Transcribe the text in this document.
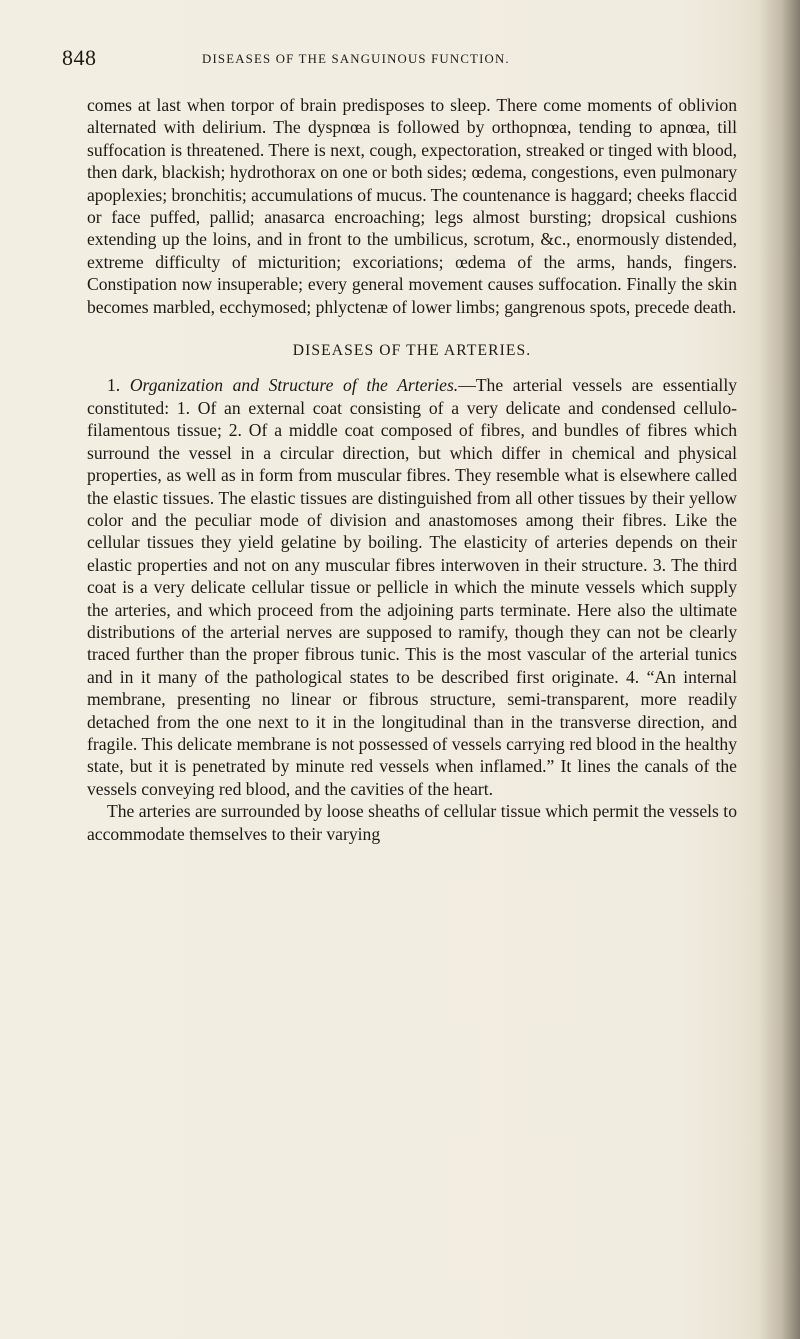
848	DISEASES OF THE SANGUINOUS FUNCTION.

comes at last when torpor of brain predisposes to sleep. There come moments of oblivion alternated with delirium. The dyspnœa is followed by orthopnœa, tending to apnœa, till suffocation is threatened. There is next, cough, expectoration, streaked or tinged with blood, then dark, blackish; hydrothorax on one or both sides; œdema, congestions, even pulmonary apoplexies; bronchitis; accumulations of mucus. The countenance is haggard; cheeks flaccid or face puffed, pallid; anasarca encroaching; legs almost bursting; dropsical cushions extending up the loins, and in front to the umbilicus, scrotum, &c., enormously distended, extreme difficulty of micturition; excoriations; œdema of the arms, hands, fingers. Constipation now insuperable; every general movement causes suffocation. Finally the skin becomes marbled, ecchymosed; phlyctenæ of lower limbs; gangrenous spots, precede death.

DISEASES OF THE ARTERIES.

1. Organization and Structure of the Arteries.—The arterial vessels are essentially constituted: 1. Of an external coat consisting of a very delicate and condensed cellulo-filamentous tissue; 2. Of a middle coat composed of fibres, and bundles of fibres which surround the vessel in a circular direction, but which differ in chemical and physical properties, as well as in form from muscular fibres. They resemble what is elsewhere called the elastic tissues. The elastic tissues are distinguished from all other tissues by their yellow color and the peculiar mode of division and anastomoses among their fibres. Like the cellular tissues they yield gelatine by boiling. The elasticity of arteries depends on their elastic properties and not on any muscular fibres interwoven in their structure. 3. The third coat is a very delicate cellular tissue or pellicle in which the minute vessels which supply the arteries, and which proceed from the adjoining parts terminate. Here also the ultimate distributions of the arterial nerves are supposed to ramify, though they can not be clearly traced further than the proper fibrous tunic. This is the most vascular of the arterial tunics and in it many of the pathological states to be described first originate. 4. “An internal membrane, presenting no linear or fibrous structure, semi-transparent, more readily detached from the one next to it in the longitudinal than in the transverse direction, and fragile. This delicate membrane is not possessed of vessels carrying red blood in the healthy state, but it is penetrated by minute red vessels when inflamed.” It lines the canals of the vessels conveying red blood, and the cavities of the heart.

The arteries are surrounded by loose sheaths of cellular tissue which permit the vessels to accommodate themselves to their varying
